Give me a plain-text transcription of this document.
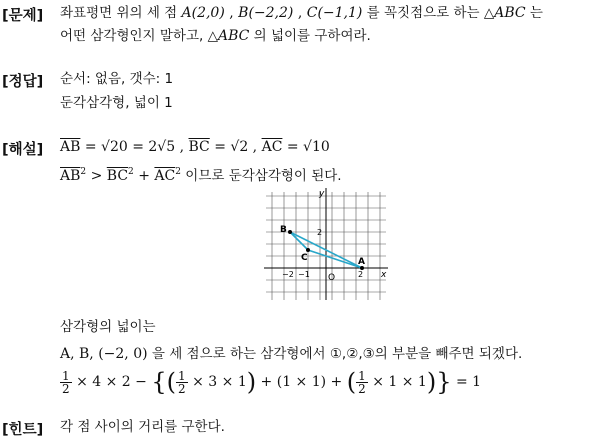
[문제] 좌표평면 위의 세 점 A(2,0) , B(−2,2) , C(−1,1) 를 꼭짓점으로 하는 △ABC 는
어떤 삼각형인지 말하고, △ABC 의 넓이를 구하여라.
[정답] 순서: 없음, 갯수: 1
둔각삼각형, 넓이 1
[해설] $\overline{AB} = √20 = 2√5$ , $\overline{BC} = √2$ , $\overline{AC} = √10$
$\overline{AB}^2 > \overline{BC}^2 + \overline{AC}^2$ 이므로 둔각삼각형이 된다.
y
x
O
2
−2 −1	2
B
C	A
삼각형의 넓이는
A, B, (−2, 0) 을 세 점으로 하는 삼각형에서 ①,②,③의 부분을 빼주면 되겠다.
$\frac{1}{2} \times 4 \times 2$ − {( $\frac{1}{2} \times 3 \times 1) + (1 \times 1)$ + ( $\frac{1}{2} \times 1 \times 1)\} = 1$
[힌트] 각 점 사이의 거리를 구한다.
